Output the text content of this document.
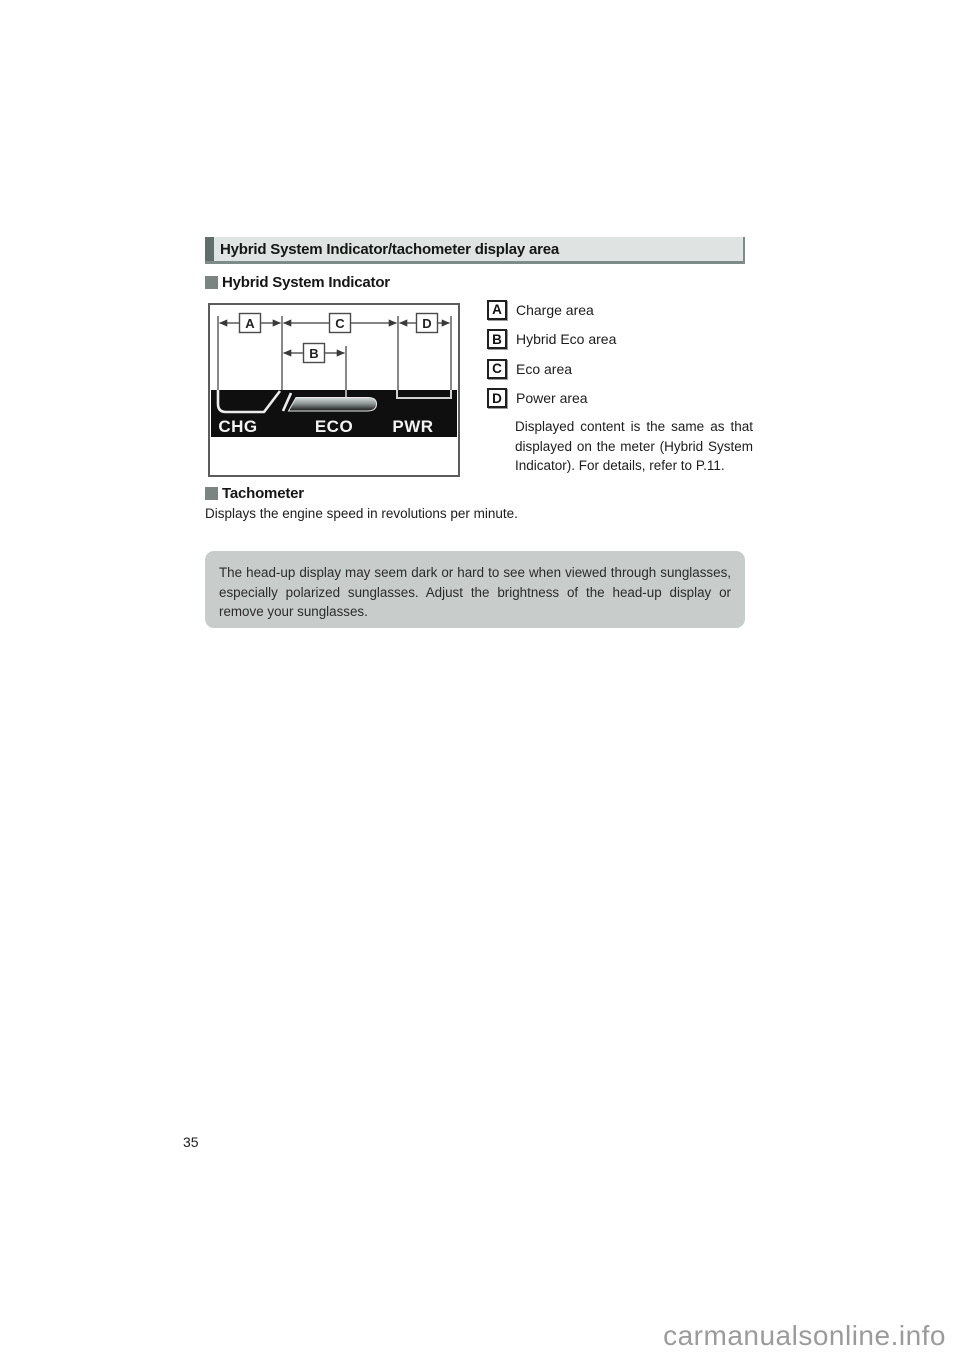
Hybrid System Indicator/tachometer display area
Hybrid System Indicator
A	C	D
B
CHG	ECO PWR
A	Charge area
B	Hybrid Eco area
C	Eco area
D	Power area
Displayed content is the same as that displayed on the meter (Hybrid System Indicator). For details, refer to P.11.
Tachometer
Displays the engine speed in revolutions per minute.
The head-up display may seem dark or hard to see when viewed through sunglasses, especially polarized sunglasses. Adjust the brightness of the head-up display or remove your sunglasses.
35
carmanualsonline.info
